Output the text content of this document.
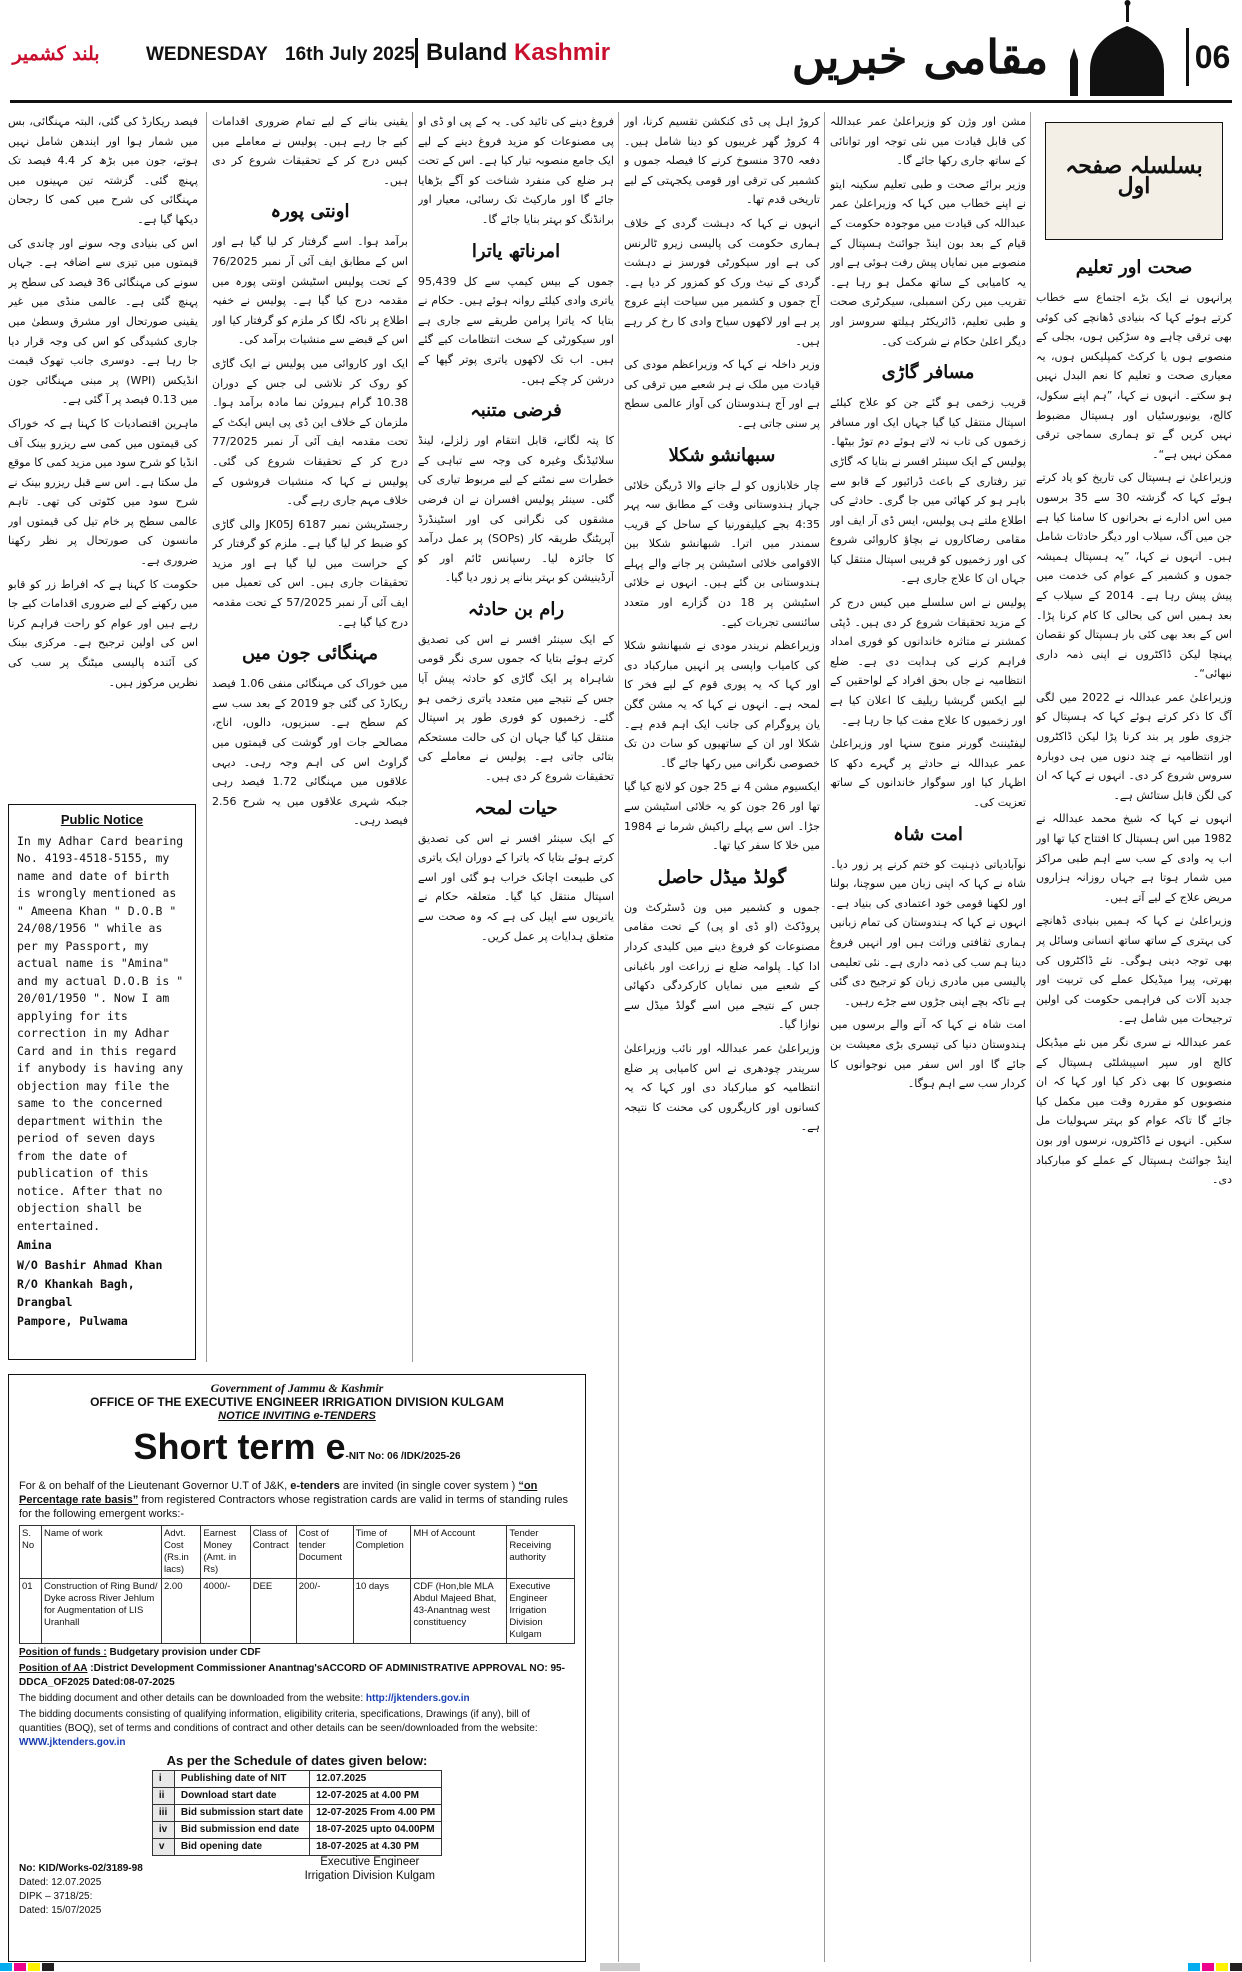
بلند کشمیر WEDNESDAY 16th July 2025 Buland Kashmir	مقامی خبریں	06
بسلسلہ صفحہ اول
صحت اور تعلیم

پرانہوں نے ایک بڑے اجتماع سے خطاب کرتے ہوئے کہا کہ بنیادی ڈھانچے کی کوئی بھی ترقی چاہے وہ سڑکیں ہوں، بجلی کے منصوبے ہوں یا کرکٹ کمپلیکس ہوں، یہ معیاری صحت و تعلیم کا نعم البدل نہیں ہو سکتے۔ انہوں نے کہا، ”ہم اپنے سکول، کالج، یونیورسٹیاں اور ہسپتال مضبوط نہیں کریں گے تو ہماری سماجی ترقی ممکن نہیں ہے“۔

وزیراعلیٰ نے ہسپتال کی تاریخ کو یاد کرتے ہوئے کہا کہ گزشتہ 30 سے 35 برسوں میں اس ادارے نے بحرانوں کا سامنا کیا ہے جن میں آگ، سیلاب اور دیگر حادثات شامل ہیں۔ انہوں نے کہا، ”یہ ہسپتال ہمیشہ جموں و کشمیر کے عوام کی خدمت میں پیش پیش رہا ہے۔ 2014 کے سیلاب کے بعد ہمیں اس کی بحالی کا کام کرنا پڑا۔ اس کے بعد بھی کئی بار ہسپتال کو نقصان پہنچا لیکن ڈاکٹروں نے اپنی ذمہ داری نبھائی“۔

وزیراعلیٰ عمر عبداللہ نے 2022 میں لگی آگ کا ذکر کرتے ہوئے کہا کہ ہسپتال کو جزوی طور پر بند کرنا پڑا لیکن ڈاکٹروں اور انتظامیہ نے چند دنوں میں ہی دوبارہ سروس شروع کر دی۔ انہوں نے کہا کہ ان کی لگن قابل ستائش ہے۔

انہوں نے کہا کہ شیخ محمد عبداللہ نے 1982 میں اس ہسپتال کا افتتاح کیا تھا اور اب یہ وادی کے سب سے اہم طبی مراکز میں شمار ہوتا ہے جہاں روزانہ ہزاروں مریض علاج کے لیے آتے ہیں۔

وزیراعلیٰ نے کہا کہ ہمیں بنیادی ڈھانچے کی بہتری کے ساتھ ساتھ انسانی وسائل پر بھی توجہ دینی ہوگی۔ نئے ڈاکٹروں کی بھرتی، پیرا میڈیکل عملے کی تربیت اور جدید آلات کی فراہمی حکومت کی اولین ترجیحات میں شامل ہے۔

عمر عبداللہ نے سری نگر میں نئے میڈیکل کالج اور سپر اسپیشلٹی ہسپتال کے منصوبوں کا بھی ذکر کیا اور کہا کہ ان منصوبوں کو مقررہ وقت میں مکمل کیا جائے گا تاکہ عوام کو بہتر سہولیات مل سکیں۔ انہوں نے ڈاکٹروں، نرسوں اور بون اینڈ جوائنٹ ہسپتال کے عملے کو مبارکباد دی۔

مشن اور وژن کو وزیراعلیٰ عمر عبداللہ کی قابل قیادت میں نئی توجہ اور توانائی کے ساتھ جاری رکھا جائے گا۔

وزیر برائے صحت و طبی تعلیم سکینہ ایتو نے اپنے خطاب میں کہا کہ وزیراعلیٰ عمر عبداللہ کی قیادت میں موجودہ حکومت کے قیام کے بعد بون اینڈ جوائنٹ ہسپتال کے منصوبے میں نمایاں پیش رفت ہوئی ہے اور یہ کامیابی کے ساتھ مکمل ہو رہا ہے۔ تقریب میں رکن اسمبلی، سیکرٹری صحت و طبی تعلیم، ڈائریکٹر ہیلتھ سروسز اور دیگر اعلیٰ حکام نے شرکت کی۔

مسافر گاڑی

قریب زخمی ہو گئے جن کو علاج کیلئے اسپتال منتقل کیا گیا جہاں ایک اور مسافر زخموں کی تاب نہ لاتے ہوئے دم توڑ بیٹھا۔ پولیس کے ایک سینئر افسر نے بتایا کہ گاڑی تیز رفتاری کے باعث ڈرائیور کے قابو سے باہر ہو کر کھائی میں جا گری۔ حادثے کی اطلاع ملتے ہی پولیس، ایس ڈی آر ایف اور مقامی رضاکاروں نے بچاؤ کاروائی شروع کی اور زخمیوں کو قریبی اسپتال منتقل کیا جہاں ان کا علاج جاری ہے۔

پولیس نے اس سلسلے میں کیس درج کر کے مزید تحقیقات شروع کر دی ہیں۔ ڈپٹی کمشنر نے متاثرہ خاندانوں کو فوری امداد فراہم کرنے کی ہدایت دی ہے۔ ضلع انتظامیہ نے جاں بحق افراد کے لواحقین کے لیے ایکس گریشیا ریلیف کا اعلان کیا ہے اور زخمیوں کا علاج مفت کیا جا رہا ہے۔

لیفٹیننٹ گورنر منوج سنہا اور وزیراعلیٰ عمر عبداللہ نے حادثے پر گہرے دکھ کا اظہار کیا اور سوگوار خاندانوں کے ساتھ تعزیت کی۔

امت شاہ

نوآبادیاتی ذہنیت کو ختم کرنے پر زور دیا۔ شاہ نے کہا کہ اپنی زبان میں سوچنا، بولنا اور لکھنا قومی خود اعتمادی کی بنیاد ہے۔ انہوں نے کہا کہ ہندوستان کی تمام زبانیں ہماری ثقافتی وراثت ہیں اور انہیں فروغ دینا ہم سب کی ذمہ داری ہے۔ نئی تعلیمی پالیسی میں مادری زبان کو ترجیح دی گئی ہے تاکہ بچے اپنی جڑوں سے جڑے رہیں۔

امت شاہ نے کہا کہ آنے والے برسوں میں ہندوستان دنیا کی تیسری بڑی معیشت بن جائے گا اور اس سفر میں نوجوانوں کا کردار سب سے اہم ہوگا۔

کروڑ اہل پی ڈی کنکشن تقسیم کرنا، اور 4 کروڑ گھر غریبوں کو دینا شامل ہیں۔ دفعہ 370 منسوخ کرنے کا فیصلہ جموں و کشمیر کی ترقی اور قومی یکجہتی کے لیے تاریخی قدم تھا۔

انہوں نے کہا کہ دہشت گردی کے خلاف ہماری حکومت کی پالیسی زیرو ٹالرنس کی ہے اور سیکورٹی فورسز نے دہشت گردی کے نیٹ ورک کو کمزور کر دیا ہے۔ آج جموں و کشمیر میں سیاحت اپنے عروج پر ہے اور لاکھوں سیاح وادی کا رخ کر رہے ہیں۔

وزیر داخلہ نے کہا کہ وزیراعظم مودی کی قیادت میں ملک نے ہر شعبے میں ترقی کی ہے اور آج ہندوستان کی آواز عالمی سطح پر سنی جاتی ہے۔

سبھانشو شکلا

چار خلابازوں کو لے جانے والا ڈریگن خلائی جہاز ہندوستانی وقت کے مطابق سہ پہر 4:35 بجے کیلیفورنیا کے ساحل کے قریب سمندر میں اترا۔ شبھانشو شکلا بین الاقوامی خلائی اسٹیشن پر جانے والے پہلے ہندوستانی بن گئے ہیں۔ انہوں نے خلائی اسٹیشن پر 18 دن گزارے اور متعدد سائنسی تجربات کیے۔

وزیراعظم نریندر مودی نے شبھانشو شکلا کی کامیاب واپسی پر انہیں مبارکباد دی اور کہا کہ یہ پوری قوم کے لیے فخر کا لمحہ ہے۔ انہوں نے کہا کہ یہ مشن گگن یان پروگرام کی جانب ایک اہم قدم ہے۔ شکلا اور ان کے ساتھیوں کو سات دن تک خصوصی نگرانی میں رکھا جائے گا۔

ایکسیوم مشن 4 نے 25 جون کو لانچ کیا گیا تھا اور 26 جون کو یہ خلائی اسٹیشن سے جڑا۔ اس سے پہلے راکیش شرما نے 1984 میں خلا کا سفر کیا تھا۔

گولڈ میڈل حاصل

جموں و کشمیر میں ون ڈسٹرکٹ ون پروڈکٹ (او ڈی او پی) کے تحت مقامی مصنوعات کو فروغ دینے میں کلیدی کردار ادا کیا۔ پلوامہ ضلع نے زراعت اور باغبانی کے شعبے میں نمایاں کارکردگی دکھائی جس کے نتیجے میں اسے گولڈ میڈل سے نوازا گیا۔

وزیراعلیٰ عمر عبداللہ اور نائب وزیراعلیٰ سریندر چودھری نے اس کامیابی پر ضلع انتظامیہ کو مبارکباد دی اور کہا کہ یہ کسانوں اور کاریگروں کی محنت کا نتیجہ ہے۔

فروغ دینے کی تائید کی۔ یہ کے پی او ڈی او پی مصنوعات کو مزید فروغ دینے کے لیے ایک جامع منصوبہ تیار کیا ہے۔ اس کے تحت ہر ضلع کی منفرد شناخت کو آگے بڑھایا جائے گا اور مارکیٹ تک رسائی، معیار اور برانڈنگ کو بہتر بنایا جائے گا۔

امرناتھ یاترا

جموں کے بیس کیمپ سے کل 95,439 یاتری وادی کیلئے روانہ ہوئے ہیں۔ حکام نے بتایا کہ یاترا پرامن طریقے سے جاری ہے اور سیکورٹی کے سخت انتظامات کیے گئے ہیں۔ اب تک لاکھوں یاتری پوتر گپھا کے درشن کر چکے ہیں۔

فرضی متنبہ

کا پتہ لگانے، قابل انتقام اور زلزلے، لینڈ سلائیڈنگ وغیرہ کی وجہ سے تباہی کے خطرات سے نمٹنے کے لیے مربوط تیاری کی گئی۔ سینئر پولیس افسران نے ان فرضی مشقوں کی نگرانی کی اور اسٹینڈرڈ آپریٹنگ طریقہ کار (SOPs) پر عمل درآمد کا جائزہ لیا۔ رسپانس ٹائم اور کو آرڈینیشن کو بہتر بنانے پر زور دیا گیا۔

رام بن حادثہ

کے ایک سینئر افسر نے اس کی تصدیق کرتے ہوئے بتایا کہ جموں سری نگر قومی شاہراہ پر ایک گاڑی کو حادثہ پیش آیا جس کے نتیجے میں متعدد یاتری زخمی ہو گئے۔ زخمیوں کو فوری طور پر اسپتال منتقل کیا گیا جہاں ان کی حالت مستحکم بتائی جاتی ہے۔ پولیس نے معاملے کی تحقیقات شروع کر دی ہیں۔

حیات لمحہ

کے ایک سینئر افسر نے اس کی تصدیق کرتے ہوئے بتایا کہ یاترا کے دوران ایک یاتری کی طبیعت اچانک خراب ہو گئی اور اسے اسپتال منتقل کیا گیا۔ متعلقہ حکام نے یاتریوں سے اپیل کی ہے کہ وہ صحت سے متعلق ہدایات پر عمل کریں۔

یقینی بنانے کے لیے تمام ضروری اقدامات کیے جا رہے ہیں۔ پولیس نے معاملے میں کیس درج کر کے تحقیقات شروع کر دی ہیں۔

اونتی پورہ

برآمد ہوا۔ اسے گرفتار کر لیا گیا ہے اور اس کے مطابق ایف آئی آر نمبر 76/2025 کے تحت پولیس اسٹیشن اونتی پورہ میں مقدمہ درج کیا گیا ہے۔ پولیس نے خفیہ اطلاع پر ناکہ لگا کر ملزم کو گرفتار کیا اور اس کے قبضے سے منشیات برآمد کی۔

ایک اور کاروائی میں پولیس نے ایک گاڑی کو روک کر تلاشی لی جس کے دوران 10.38 گرام ہیروئن نما مادہ برآمد ہوا۔ ملزمان کے خلاف این ڈی پی ایس ایکٹ کے تحت مقدمہ ایف آئی آر نمبر 77/2025 درج کر کے تحقیقات شروع کی گئی۔ پولیس نے کہا کہ منشیات فروشوں کے خلاف مہم جاری رہے گی۔

رجسٹریشن نمبر JK05J 6187 والی گاڑی کو ضبط کر لیا گیا ہے۔ ملزم کو گرفتار کر کے حراست میں لیا گیا ہے اور مزید تحقیقات جاری ہیں۔ اس کی تعمیل میں ایف آئی آر نمبر 57/2025 کے تحت مقدمہ درج کیا گیا ہے۔

مہنگائی جون میں

میں خوراک کی مہنگائی منفی 1.06 فیصد ریکارڈ کی گئی جو 2019 کے بعد سب سے کم سطح ہے۔ سبزیوں، دالوں، اناج، مصالحے جات اور گوشت کی قیمتوں میں گراوٹ اس کی اہم وجہ رہی۔ دیہی علاقوں میں مہنگائی 1.72 فیصد رہی جبکہ شہری علاقوں میں یہ شرح 2.56 فیصد رہی۔

فیصد ریکارڈ کی گئی، البتہ مہنگائی، بس میں شمار ہوا اور ایندھن شامل نہیں ہوتے، جون میں بڑھ کر 4.4 فیصد تک پہنچ گئی۔ گزشتہ تین مہینوں میں مہنگائی کی شرح میں کمی کا رجحان دیکھا گیا ہے۔

اس کی بنیادی وجہ سونے اور چاندی کی قیمتوں میں تیزی سے اضافہ ہے۔ جہاں سونے کی مہنگائی 36 فیصد کی سطح پر پہنچ گئی ہے۔ عالمی منڈی میں غیر یقینی صورتحال اور مشرق وسطیٰ میں جاری کشیدگی کو اس کی وجہ قرار دیا جا رہا ہے۔ دوسری جانب تھوک قیمت انڈیکس (WPI) پر مبنی مہنگائی جون میں 0.13 فیصد پر آ گئی ہے۔

ماہرین اقتصادیات کا کہنا ہے کہ خوراک کی قیمتوں میں کمی سے ریزرو بینک آف انڈیا کو شرح سود میں مزید کمی کا موقع مل سکتا ہے۔ اس سے قبل ریزرو بینک نے شرح سود میں کٹوتی کی تھی۔ تاہم عالمی سطح پر خام تیل کی قیمتوں اور مانسون کی صورتحال پر نظر رکھنا ضروری ہے۔

حکومت کا کہنا ہے کہ افراط زر کو قابو میں رکھنے کے لیے ضروری اقدامات کیے جا رہے ہیں اور عوام کو راحت فراہم کرنا اس کی اولین ترجیح ہے۔ مرکزی بینک کی آئندہ پالیسی میٹنگ پر سب کی نظریں مرکوز ہیں۔

Public Notice

In my Adhar Card bearing No. 4193-4518-5155, my name and date of birth is wrongly mentioned as " Ameena Khan " D.O.B " 24/08/1956 " while as per my Passport, my actual name is "Amina" and my actual D.O.B is " 20/01/1950 ". Now I am applying for its correction in my Adhar Card and in this regard if anybody is having any objection may file the same to the concerned department within the period of seven days from the date of publication of this notice. After that no objection shall be entertained.

Amina
W/O Bashir Ahmad Khan
R/O Khankah Bagh, Drangbal
Pampore, Pulwama
Government of Jammu & Kashmir
OFFICE OF THE EXECUTIVE ENGINEER IRRIGATION DIVISION KULGAM
NOTICE INVITING e-TENDERS
Short term e-NIT No: 06 /IDK/2025-26

For & on behalf of the Lieutenant Governor U.T of J&K, e-tenders are invited (in single cover system ) “on Percentage rate basis” from registered Contractors whose registration cards are valid in terms of standing rules for the following emergent works:-

S. No	Name of work	Advt. Cost (Rs.in lacs)	Earnest Money (Amt. in Rs)	Class of Contract	Cost of tender Document	Time of Completion	MH of Account	Tender Receiving authority
01	Construction of Ring Bund/ Dyke across River Jehlum for Augmentation of LIS Uranhall	2.00	4000/-	DEE	200/-	10 days	CDF (Hon,ble MLA Abdul Majeed Bhat, 43-Anantnag west constituency	Executive Engineer Irrigation Division Kulgam

Position of funds : Budgetary provision under CDF

Position of AA :District Development Commissioner Anantnag'sACCORD OF ADMINISTRATIVE APPROVAL NO: 95-DDCA_OF2025 Dated:08-07-2025

The bidding document and other details can be downloaded from the website: http://jktenders.gov.in

The bidding documents consisting of qualifying information, eligibility criteria, specifications, Drawings (if any), bill of quantities (BOQ), set of terms and conditions of contract and other details can be seen/downloaded from the website: WWW.jktenders.gov.in

As per the Schedule of dates given below:
i	Publishing date of NIT	12.07.2025
ii	Download start date	12-07-2025 at 4.00 PM
iii	Bid submission start date	12-07-2025 From 4.00 PM
iv	Bid submission end date	18-07-2025 upto 04.00PM
v	Bid opening date	18-07-2025 at 4.30 PM
No: KID/Works-02/3189-98
Dated: 12.07.2025
DIPK – 3718/25:
Dated: 15/07/2025
Executive Engineer
Irrigation Division Kulgam
